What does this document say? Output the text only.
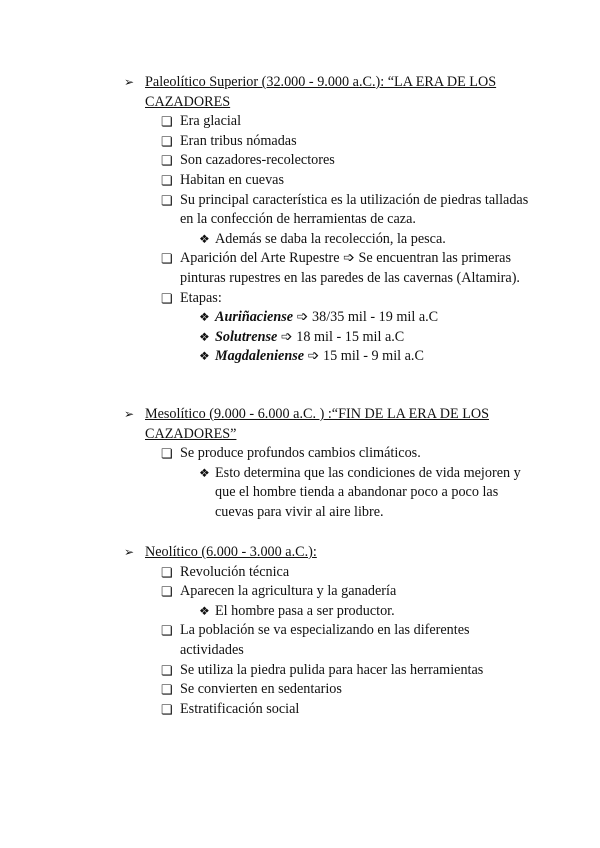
➢ Paleolítico Superior (32.000 - 9.000 a.C.): “LA ERA DE LOS CAZADORES
❏ Era glacial
❏ Eran tribus nómadas
❏ Son cazadores-recolectores
❏ Habitan en cuevas
❏ Su principal característica es la utilización de piedras talladas en la confección de herramientas de caza.
❖ Además se daba la recolección, la pesca.
❏ Aparición del Arte Rupestre ➩ Se encuentran las primeras pinturas rupestres en las paredes de las cavernas (Altamira).
❏ Etapas:
❖ Auriñaciense ➩ 38/35 mil - 19 mil a.C
❖ Solutrense ➩ 18 mil - 15 mil a.C
❖ Magdaleniense ➩ 15 mil - 9 mil a.C
➢ Mesolítico (9.000 - 6.000 a.C. ) :“FIN DE LA ERA DE LOS CAZADORES”
❏ Se produce profundos cambios climáticos.
❖ Esto determina que las condiciones de vida mejoren y que el hombre tienda a abandonar poco a poco las cuevas para vivir al aire libre.
➢ Neolítico (6.000 - 3.000 a.C.):
❏ Revolución técnica
❏ Aparecen la agricultura y la ganadería
❖ El hombre pasa a ser productor.
❏ La población se va especializando en las diferentes actividades
❏ Se utiliza la piedra pulida para hacer las herramientas
❏ Se convierten en sedentarios
❏ Estratificación social
